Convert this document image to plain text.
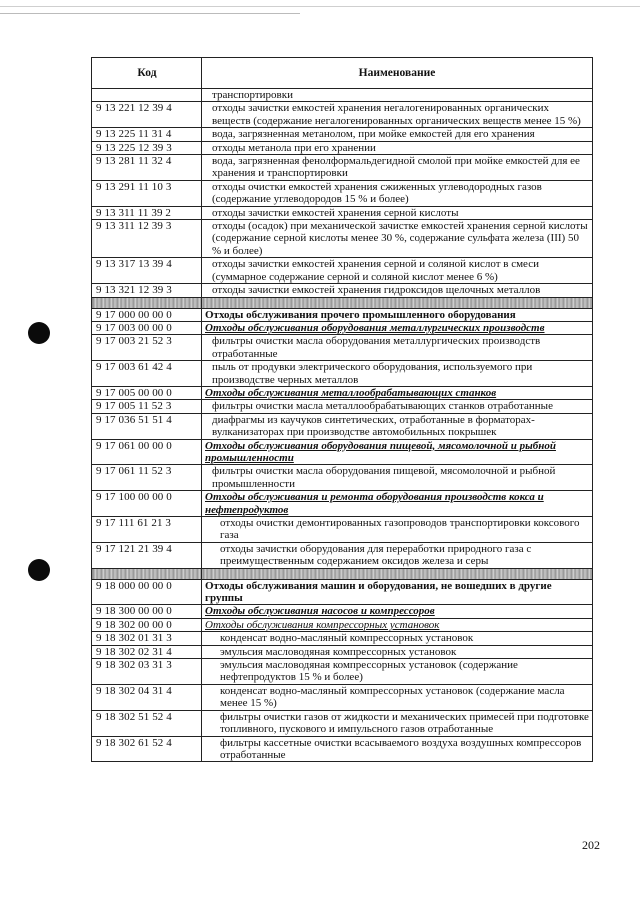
Код	Наименование
	транспортировки
9 13 221 12 39 4	отходы зачистки емкостей хранения негалогенированных органических веществ (содержание негалогенированных органических веществ менее 15 %)
9 13 225 11 31 4	вода, загрязненная метанолом, при мойке емкостей для его хранения
9 13 225 12 39 3	отходы метанола при его хранении
9 13 281 11 32 4	вода, загрязненная фенолформальдегидной смолой при мойке емкостей для ее хранения и транспортировки
9 13 291 11 10 3	отходы очистки емкостей хранения сжиженных углеводородных газов (содержание углеводородов 15 % и более)
9 13 311 11 39 2	отходы зачистки емкостей хранения серной кислоты
9 13 311 12 39 3	отходы (осадок) при механической зачистке емкостей хранения серной кислоты (содержание серной кислоты менее 30 %, содержание сульфата железа (III) 50 % и более)
9 13 317 13 39 4	отходы зачистки емкостей хранения серной и соляной кислот в смеси (суммарное содержание серной и соляной кислот менее 6 %)
9 13 321 12 39 3	отходы зачистки емкостей хранения гидроксидов щелочных металлов

9 17 000 00 00 0	Отходы обслуживания прочего промышленного оборудования
9 17 003 00 00 0	Отходы обслуживания оборудования металлургических производств
9 17 003 21 52 3	фильтры очистки масла оборудования металлургических производств отработанные
9 17 003 61 42 4	пыль от продувки электрического оборудования, используемого при производстве черных металлов
9 17 005 00 00 0	Отходы обслуживания металлообрабатывающих станков
9 17 005 11 52 3	фильтры очистки масла металлообрабатывающих станков отработанные
9 17 036 51 51 4	диафрагмы из каучуков синтетических, отработанные в форматорах-вулканизаторах при производстве автомобильных покрышек
9 17 061 00 00 0	Отходы обслуживания оборудования пищевой, мясомолочной и рыбной промышленности
9 17 061 11 52 3	фильтры очистки масла оборудования пищевой, мясомолочной и рыбной промышленности
9 17 100 00 00 0	Отходы обслуживания и ремонта оборудования производств кокса и нефтепродуктов
9 17 111 61 21 3	отходы очистки демонтированных газопроводов транспортировки коксового газа
9 17 121 21 39 4	отходы зачистки оборудования для переработки природного газа с преимущественным содержанием оксидов железа и серы

9 18 000 00 00 0	Отходы обслуживания машин и оборудования, не вошедших в другие группы
9 18 300 00 00 0	Отходы обслуживания насосов и компрессоров
9 18 302 00 00 0	Отходы обслуживания компрессорных установок
9 18 302 01 31 3	конденсат водно-масляный компрессорных установок
9 18 302 02 31 4	эмульсия масловодяная компрессорных установок
9 18 302 03 31 3	эмульсия масловодяная компрессорных установок (содержание нефтепродуктов 15 % и более)
9 18 302 04 31 4	конденсат водно-масляный компрессорных установок (содержание масла менее 15 %)
9 18 302 51 52 4	фильтры очистки газов от жидкости и механических примесей при подготовке топливного, пускового и импульсного газов отработанные
9 18 302 61 52 4	фильтры кассетные очистки всасываемого воздуха воздушных компрессоров отработанные
202
